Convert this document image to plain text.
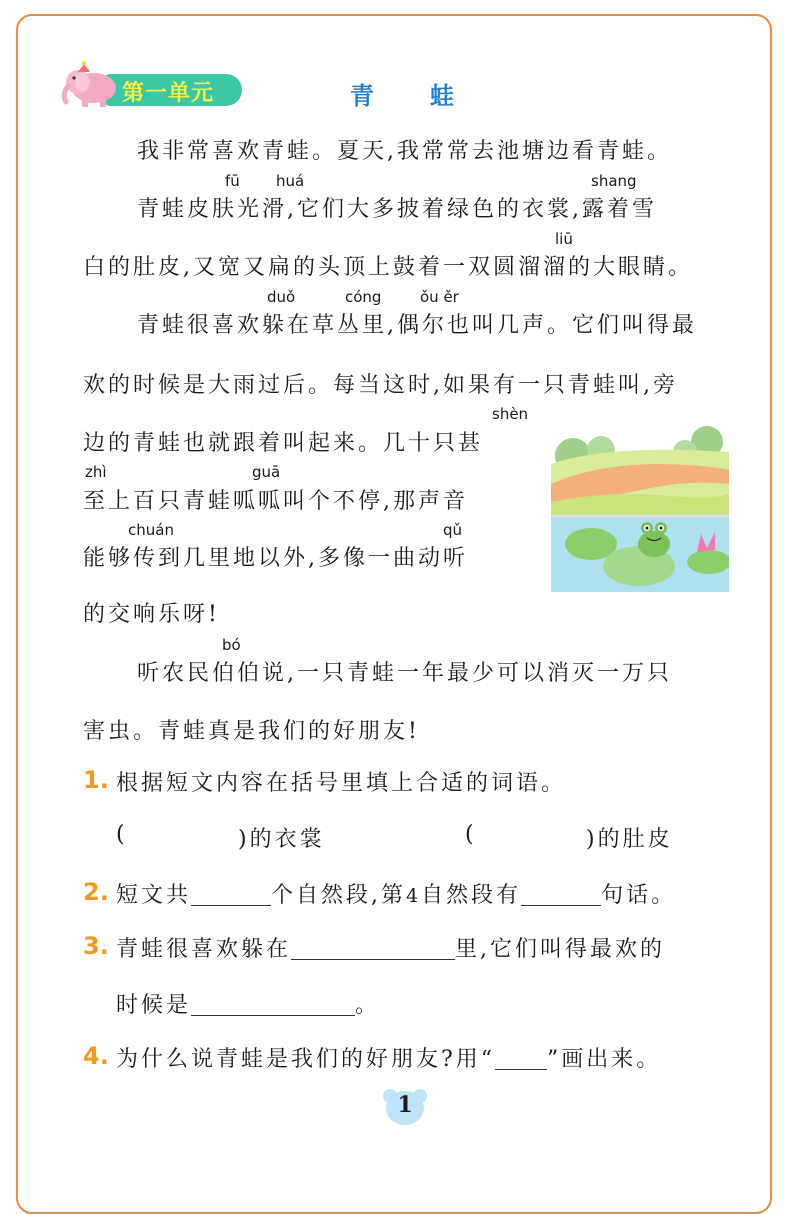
第一单元	青 蛙
我非常喜欢青蛙。夏天,我常常去池塘边看青蛙。
fū huá	shang
青蛙皮肤光滑,它们大多披着绿色的衣裳,露着雪
liū
白的肚皮,又宽又扁的头顶上鼓着一双圆溜溜的大眼睛。
duǒ	cóng	ǒu ěr
青蛙很喜欢躲在草丛里,偶尔也叫几声。它们叫得最
欢的时候是大雨过后。每当这时,如果有一只青蛙叫,旁
shèn
边的青蛙也就跟着叫起来。几十只甚
zhì	guā
至上百只青蛙呱呱叫个不停,那声音
chuán	qǔ
能够传到几里地以外,多像一曲动听
的交响乐呀!
bó
听农民伯伯说,一只青蛙一年最少可以消灭一万只
害虫。青蛙真是我们的好朋友!
1. 根据短文内容在括号里填上合适的词语。
(	)的衣裳	(	)的肚皮
2. 短文共	个自然段,第4自然段有	句话。
3. 青蛙很喜欢躲在	里,它们叫得最欢的
时候是	。
4. 为什么说青蛙是我们的好朋友?用“ ”画出来。
1
